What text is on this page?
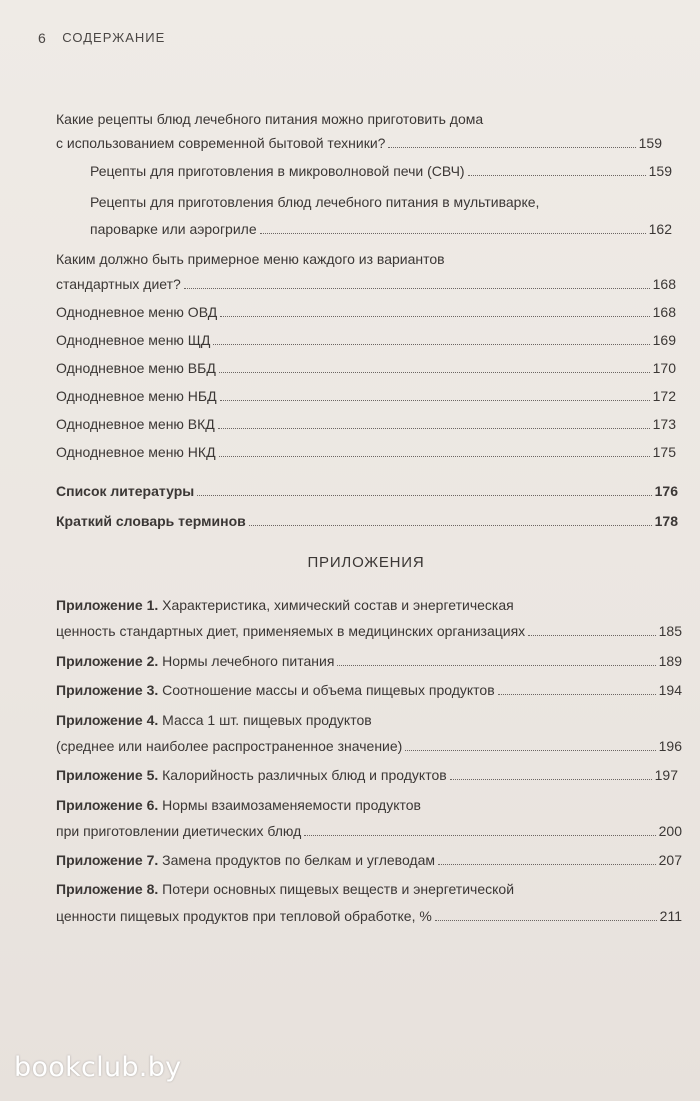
6 СОДЕРЖАНИЕ
Какие рецепты блюд лечебного питания можно приготовить дома
с использованием современной бытовой техники?	159
Рецепты для приготовления в микроволновой печи (СВЧ)	159
Рецепты для приготовления блюд лечебного питания в мультиварке,
пароварке или аэрогриле	162
Каким должно быть примерное меню каждого из вариантов
стандартных диет?	168
Однодневное меню ОВД	168
Однодневное меню ЩД	169
Однодневное меню ВБД	170
Однодневное меню НБД	172
Однодневное меню ВКД	173
Однодневное меню НКД	175
Список литературы	176
Краткий словарь терминов	178
ПРИЛОЖЕНИЯ
Приложение 1. Характеристика, химический состав и энергетическая
ценность стандартных диет, применяемых в медицинских организациях	185
Приложение 2. Нормы лечебного питания	189
Приложение 3. Соотношение массы и объема пищевых продуктов	194
Приложение 4. Масса 1 шт. пищевых продуктов
(среднее или наиболее распространенное значение)	196
Приложение 5. Калорийность различных блюд и продуктов	197
Приложение 6. Нормы взаимозаменяемости продуктов
при приготовлении диетических блюд	200
Приложение 7. Замена продуктов по белкам и углеводам	207
Приложение 8. Потери основных пищевых веществ и энергетической
ценности пищевых продуктов при тепловой обработке, %	211
bookclub.by
